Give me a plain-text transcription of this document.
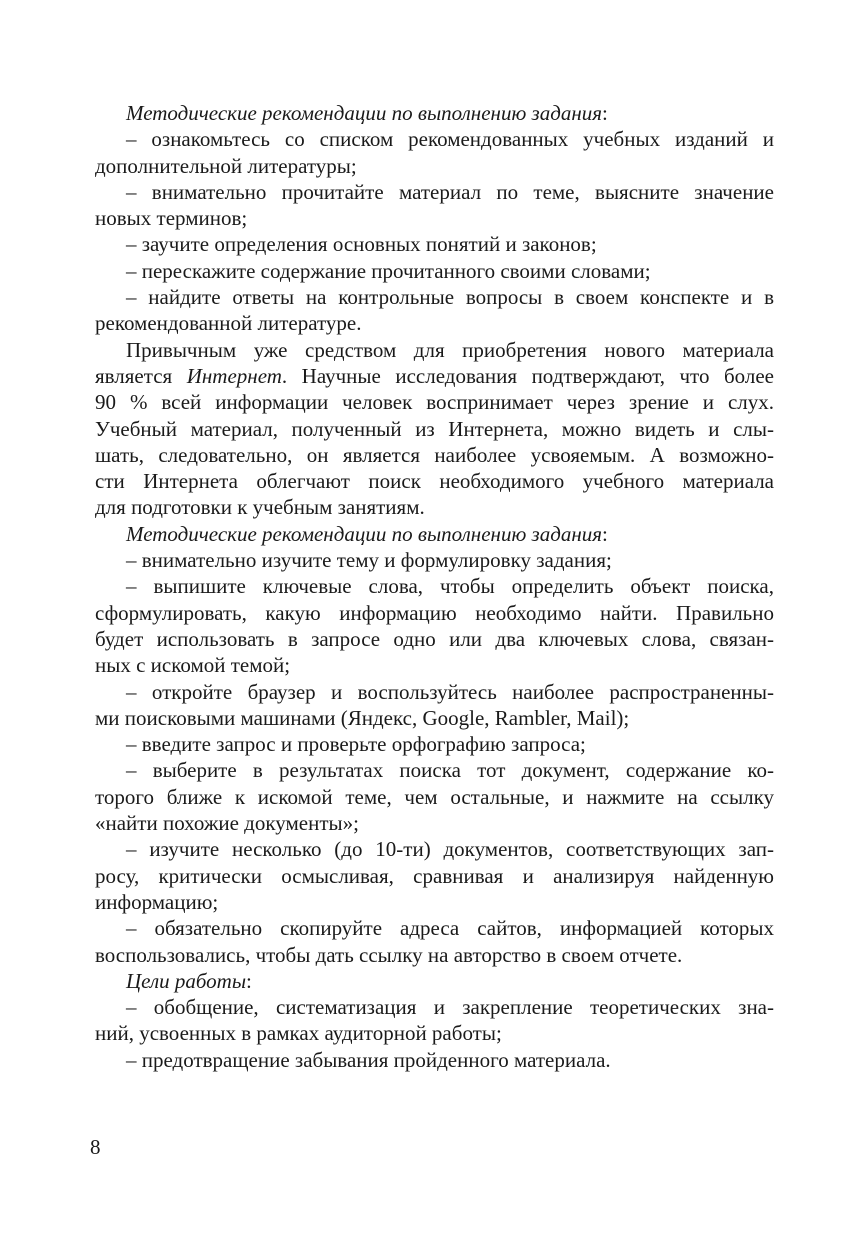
Методические рекомендации по выполнению задания:
– ознакомьтесь со списком рекомендованных учебных изданий и
дополнительной литературы;
– внимательно прочитайте материал по теме, выясните значение
новых терминов;
– заучите определения основных понятий и законов;
– перескажите содержание прочитанного своими словами;
– найдите ответы на контрольные вопросы в своем конспекте и в
рекомендованной литературе.
Привычным уже средством для приобретения нового материала
является Интернет. Научные исследования подтверждают, что более
90 % всей информации человек воспринимает через зрение и слух.
Учебный материал, полученный из Интернета, можно видеть и слы-
шать, следовательно, он является наиболее усвояемым. А возможно-
сти Интернета облегчают поиск необходимого учебного материала
для подготовки к учебным занятиям.
Методические рекомендации по выполнению задания:
– внимательно изучите тему и формулировку задания;
– выпишите ключевые слова, чтобы определить объект поиска,
сформулировать, какую информацию необходимо найти. Правильно
будет использовать в запросе одно или два ключевых слова, связан-
ных с искомой темой;
– откройте браузер и воспользуйтесь наиболее распространенны-
ми поисковыми машинами (Яндекс, Google, Rambler, Mail);
– введите запрос и проверьте орфографию запроса;
– выберите в результатах поиска тот документ, содержание ко-
торого ближе к искомой теме, чем остальные, и нажмите на ссылку
«найти похожие документы»;
– изучите несколько (до 10-ти) документов, соответствующих зап-
росу, критически осмысливая, сравнивая и анализируя найденную
информацию;
– обязательно скопируйте адреса сайтов, информацией которых
воспользовались, чтобы дать ссылку на авторство в своем отчете.
Цели работы:
– обобщение, систематизация и закрепление теоретических зна-
ний, усвоенных в рамках аудиторной работы;
– предотвращение забывания пройденного материала.
8
